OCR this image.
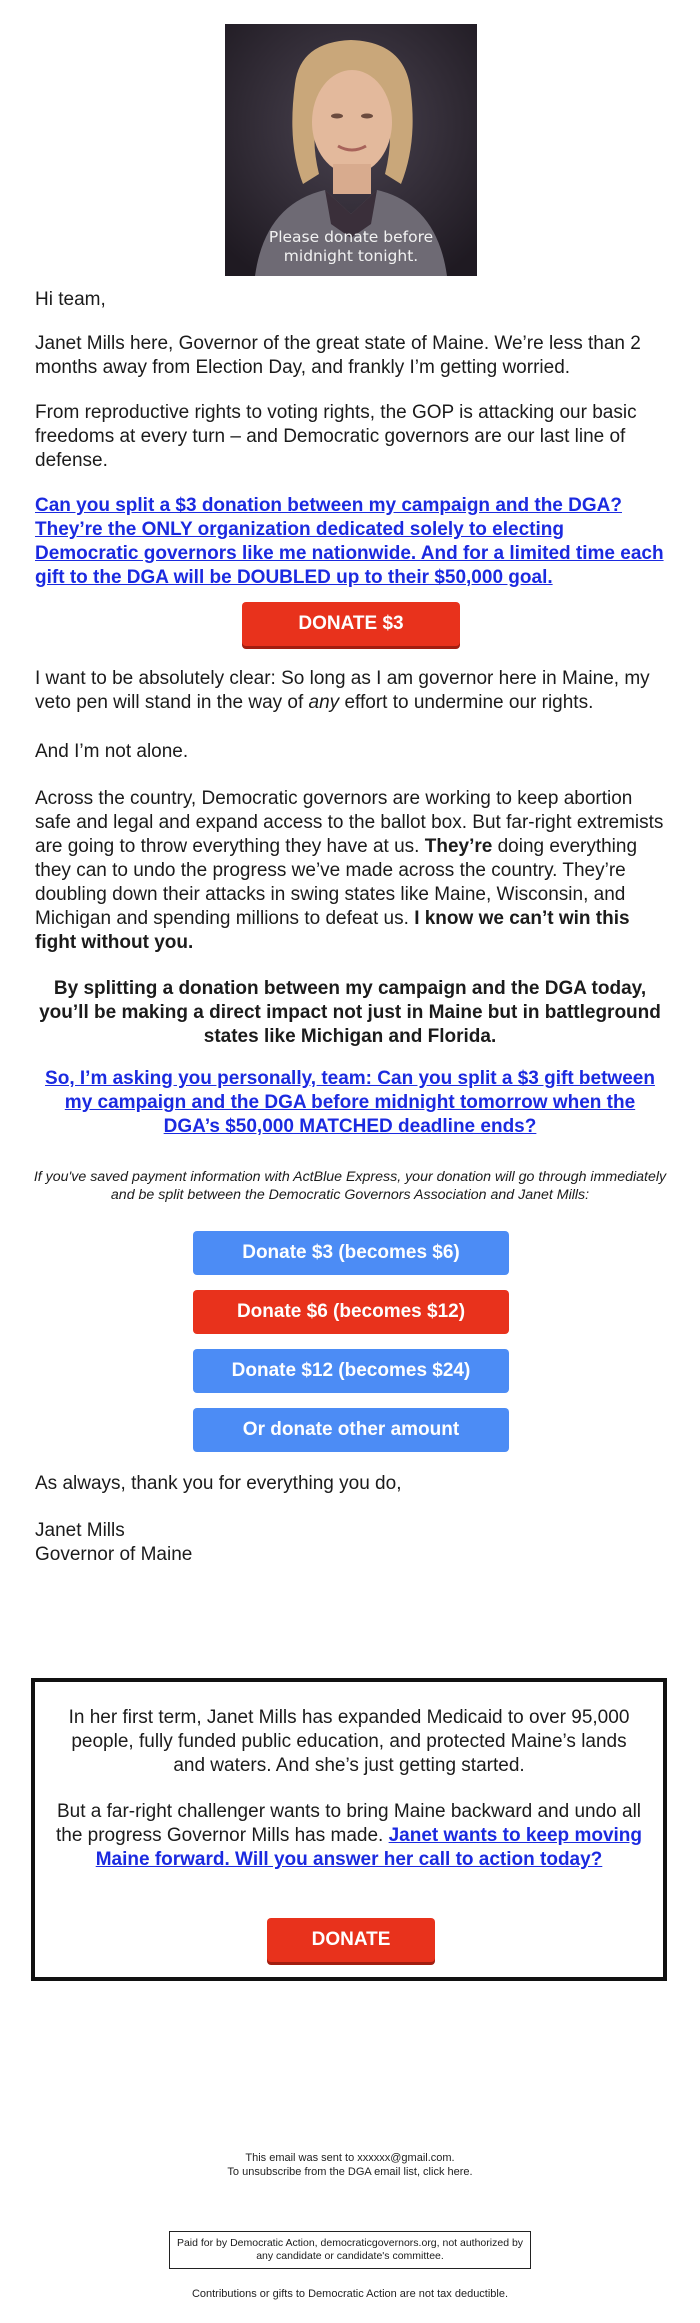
Please donate before
midnight tonight.

Hi team,

Janet Mills here, Governor of the great state of Maine. We’re less than 2 months away from Election Day, and frankly I’m getting worried.

From reproductive rights to voting rights, the GOP is attacking our basic freedoms at every turn – and Democratic governors are our last line of defense.

Can you split a $3 donation between my campaign and the DGA? They’re the ONLY organization dedicated solely to electing Democratic governors like me nationwide. And for a limited time each gift to the DGA will be DOUBLED up to their $50,000 goal.

DONATE $3

I want to be absolutely clear: So long as I am governor here in Maine, my veto pen will stand in the way of any effort to undermine our rights.

And I’m not alone.

Across the country, Democratic governors are working to keep abortion safe and legal and expand access to the ballot box. But far-right extremists are going to throw everything they have at us. They’re doing everything they can to undo the progress we’ve made across the country. They’re doubling down their attacks in swing states like Maine, Wisconsin, and Michigan and spending millions to defeat us. I know we can’t win this fight without you.

By splitting a donation between my campaign and the DGA today, you’ll be making a direct impact not just in Maine but in battleground states like Michigan and Florida.

So, I’m asking you personally, team: Can you split a $3 gift between my campaign and the DGA before midnight tomorrow when the DGA’s $50,000 MATCHED deadline ends?

If you've saved payment information with ActBlue Express, your donation will go through immediately and be split between the Democratic Governors Association and Janet Mills:

Donate $3 (becomes $6)
Donate $6 (becomes $12)
Donate $12 (becomes $24)
Or donate other amount

As always, thank you for everything you do,

Janet Mills

Governor of Maine

In her first term, Janet Mills has expanded Medicaid to over 95,000 people, fully funded public education, and protected Maine’s lands and waters. And she’s just getting started.

But a far-right challenger wants to bring Maine backward and undo all the progress Governor Mills has made. Janet wants to keep moving Maine forward. Will you answer her call to action today?

DONATE
This email was sent to xxxxxx@gmail.com.
To unsubscribe from the DGA email list, click here.
Paid for by Democratic Action, democraticgovernors.org, not authorized by any candidate or candidate's committee.
Contributions or gifts to Democratic Action are not tax deductible.
